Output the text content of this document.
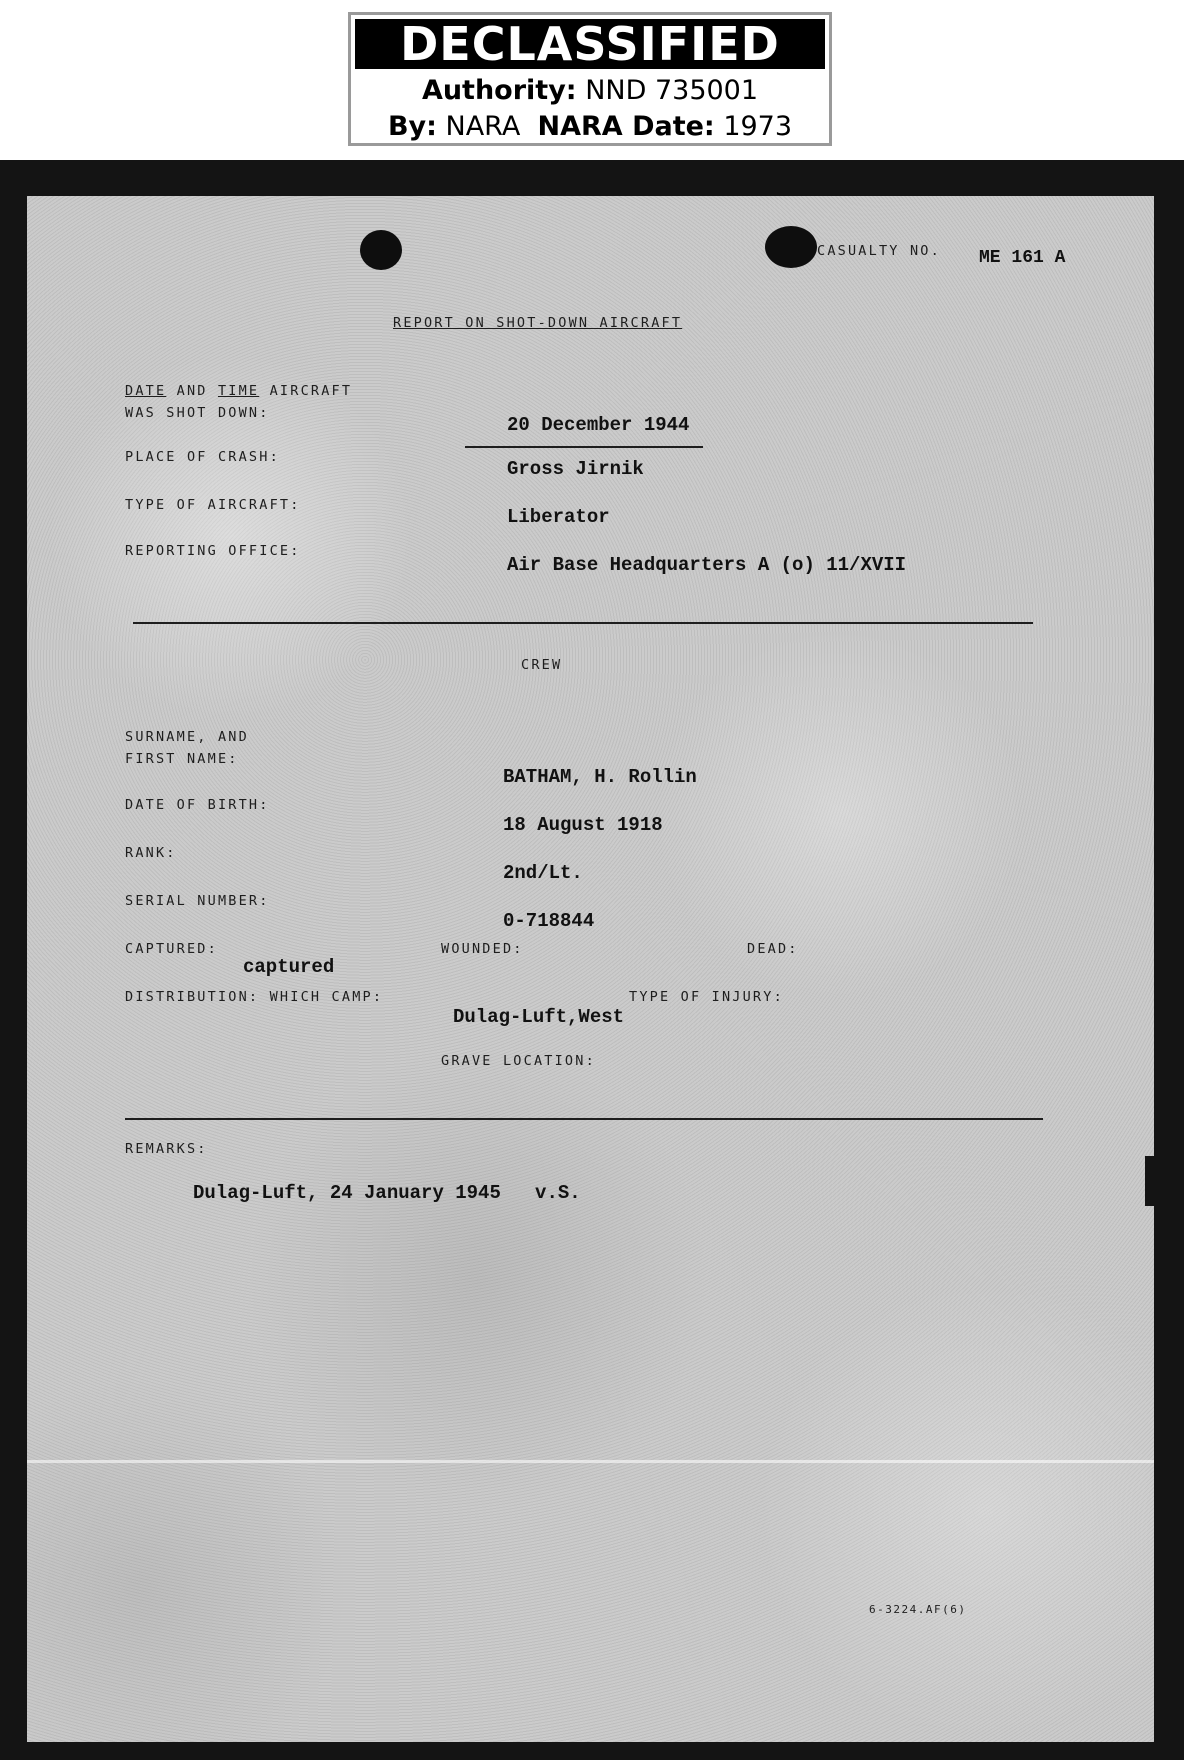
DECLASSIFIED
Authority: NND 735001
By: NARA NARA Date: 1973
CASUALTY NO. ME 161 A
REPORT ON SHOT-DOWN AIRCRAFT
DATE AND TIME AIRCRAFT
WAS SHOT DOWN:
20 December 1944
PLACE OF CRASH:
Gross Jirnik
TYPE OF AIRCRAFT:
Liberator
REPORTING OFFICE:
Air Base Headquarters A (o) 11/XVII
CREW
SURNAME, AND
FIRST NAME:
BATHAM, H. Rollin
DATE OF BIRTH:
18 August 1918
RANK:
2nd/Lt.
SERIAL NUMBER:
0-718844
CAPTURED:
captured
WOUNDED:	DEAD:
DISTRIBUTION: WHICH CAMP:	TYPE OF INJURY:
Dulag-Luft,West
GRAVE LOCATION:
REMARKS:
Dulag-Luft, 24 January 1945   v.S.
6-3224.AF(6)
